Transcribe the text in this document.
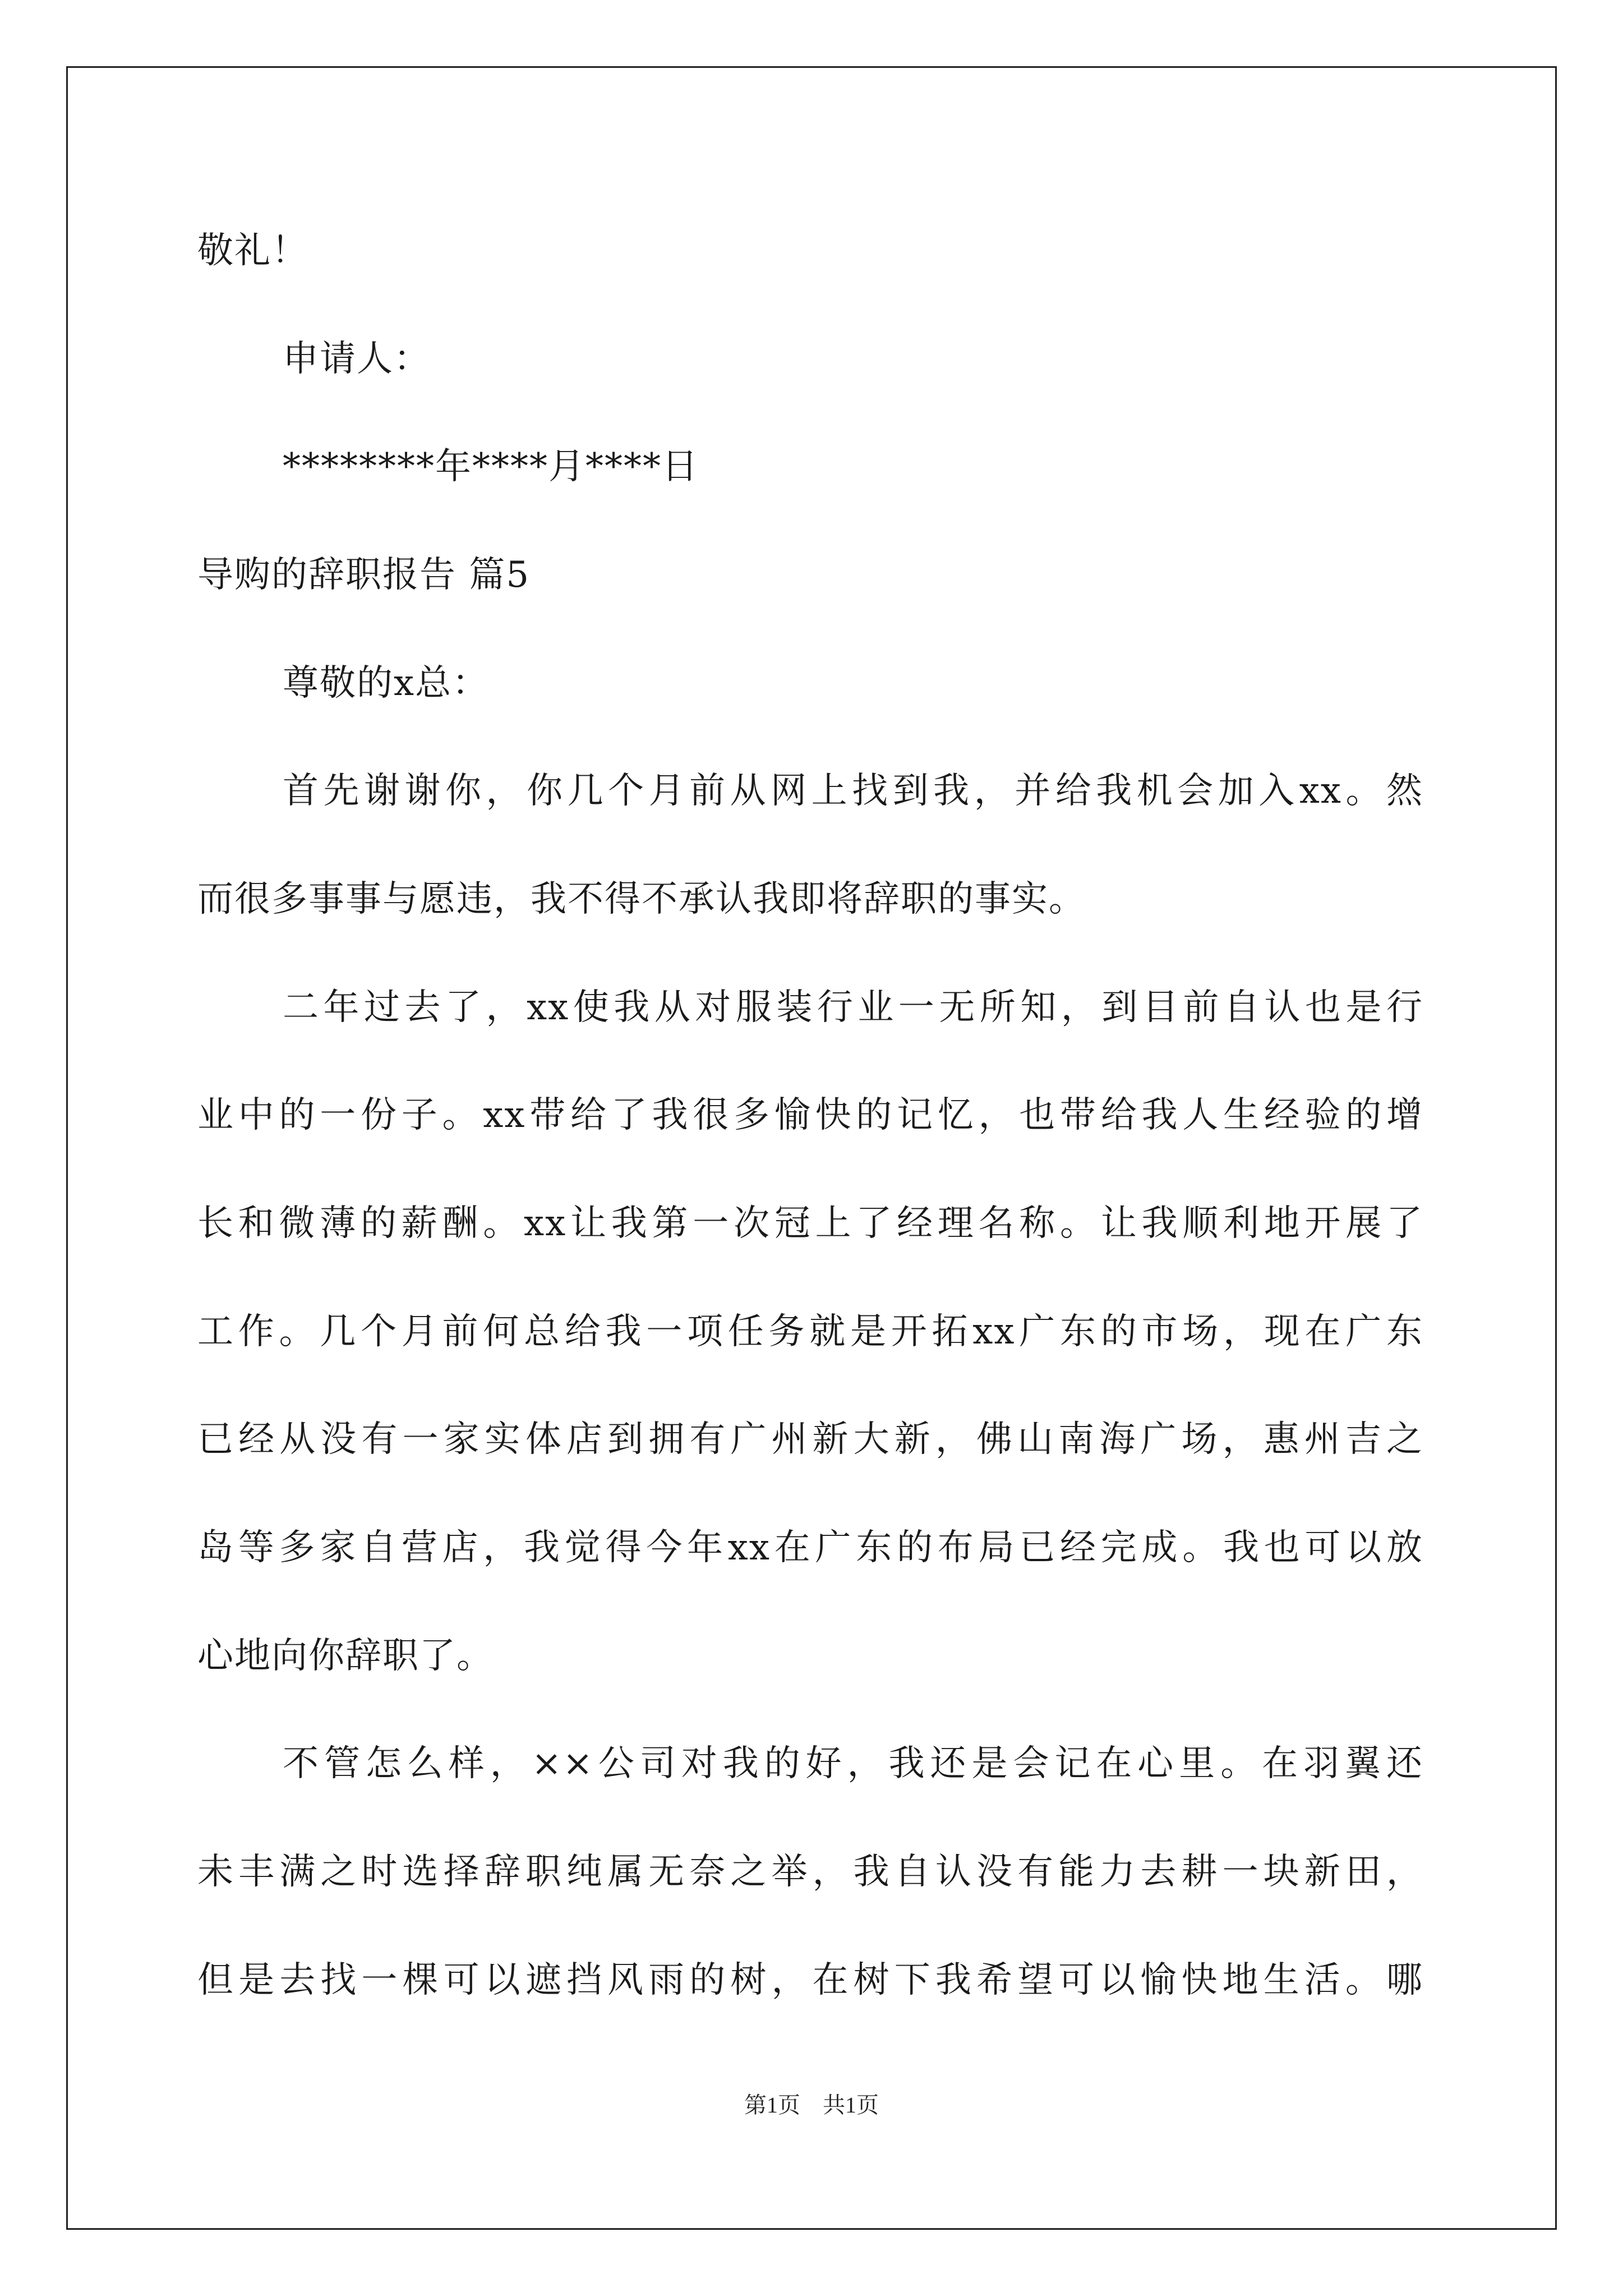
敬礼！
申请人：
********年****月****日
导购的辞职报告 篇5
尊敬的x总：
首先谢谢你，你几个月前从网上找到我，并给我机会加入xx。然
而很多事事与愿违，我不得不承认我即将辞职的事实。
二年过去了，xx使我从对服装行业一无所知，到目前自认也是行
业中的一份子。xx带给了我很多愉快的记忆，也带给我人生经验的增
长和微薄的薪酬。xx让我第一次冠上了经理名称。让我顺利地开展了
工作。几个月前何总给我一项任务就是开拓xx广东的市场，现在广东
已经从没有一家实体店到拥有广州新大新，佛山南海广场，惠州吉之
岛等多家自营店，我觉得今年xx在广东的布局已经完成。我也可以放
心地向你辞职了。
不管怎么样，××公司对我的好，我还是会记在心里。在羽翼还
未丰满之时选择辞职纯属无奈之举，我自认没有能力去耕一块新田，
但是去找一棵可以遮挡风雨的树，在树下我希望可以愉快地生活。哪
第1页　共1页
